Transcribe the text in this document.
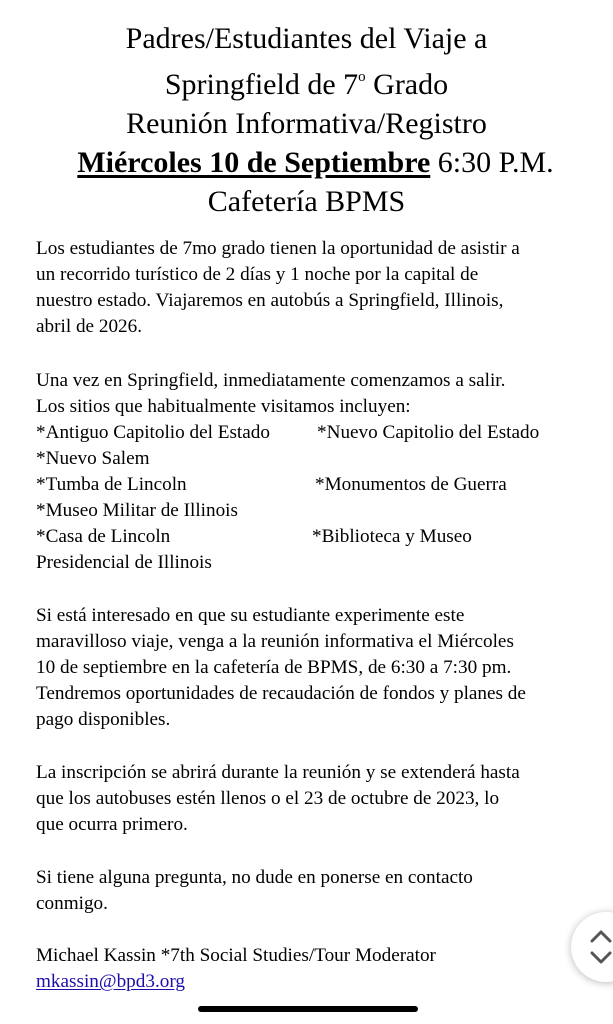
Padres/Estudiantes del Viaje a
Springfield de 7$^o$ Grado
Reunión Informativa/Registro
Miércoles 10 de Septiembre 6:30 P.M.
Cafetería BPMS
Los estudiantes de 7mo grado tienen la oportunidad de asistir a
un recorrido turístico de 2 días y 1 noche por la capital de
nuestro estado. Viajaremos en autobús a Springfield, Illinois,
abril de 2026.
Una vez en Springfield, inmediatamente comenzamos a salir.
Los sitios que habitualmente visitamos incluyen:
*Antiguo Capitolio del Estado *Nuevo Capitolio del Estado
*Nuevo Salem
*Tumba de Lincoln	*Monumentos de Guerra
*Museo Militar de Illinois
*Casa de Lincoln	*Biblioteca y Museo
Presidencial de Illinois
Si está interesado en que su estudiante experimente este
maravilloso viaje, venga a la reunión informativa el Miércoles
10 de septiembre en la cafetería de BPMS, de 6:30 a 7:30 pm.
Tendremos oportunidades de recaudación de fondos y planes de
pago disponibles.
La inscripción se abrirá durante la reunión y se extenderá hasta
que los autobuses estén llenos o el 23 de octubre de 2023, lo
que ocurra primero.
Si tiene alguna pregunta, no dude en ponerse en contacto
conmigo.
Michael Kassin *7th Social Studies/Tour Moderator
mkassin@bpd3.org
